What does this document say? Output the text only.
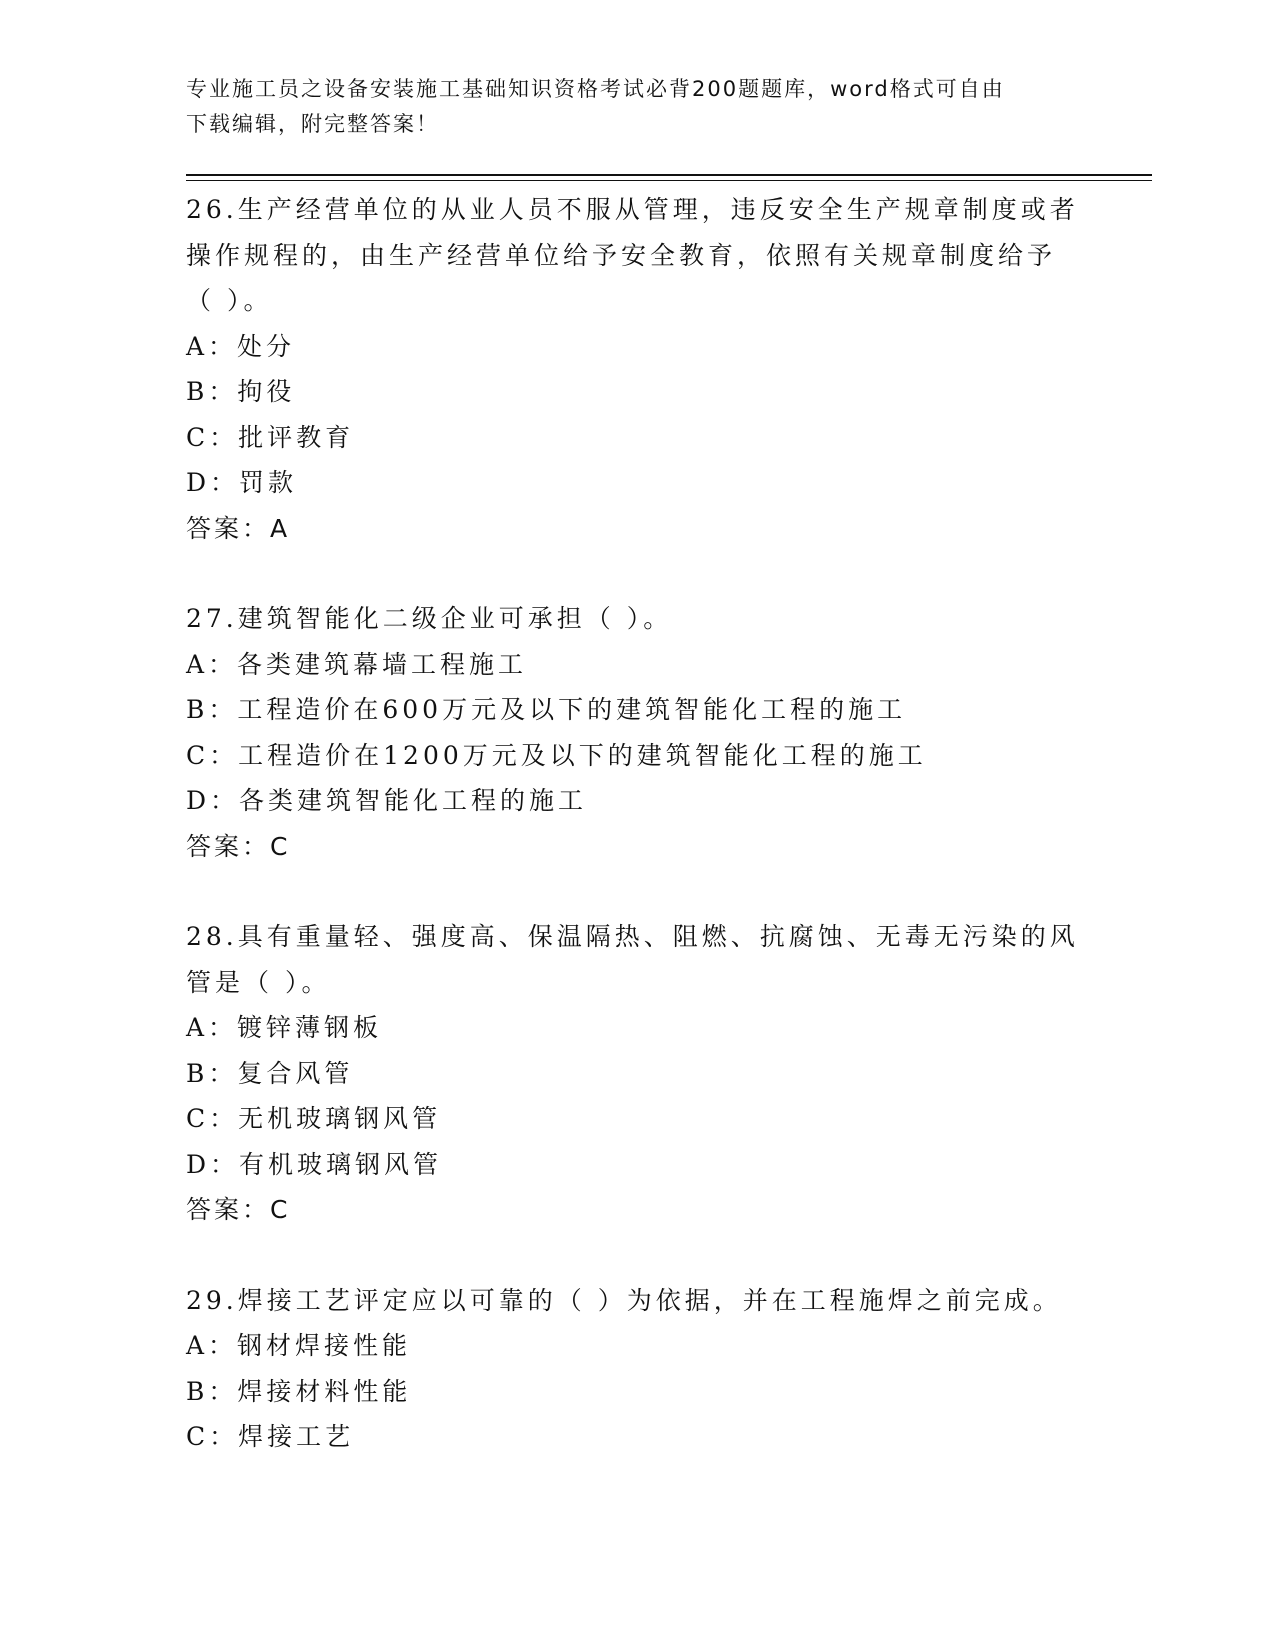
专业施工员之设备安装施工基础知识资格考试必背200题题库，word格式可自由
下载编辑，附完整答案！
26.生产经营单位的从业人员不服从管理，违反安全生产规章制度或者
操作规程的，由生产经营单位给予安全教育，依照有关规章制度给予
（ ）。
A：处分
B：拘役
C：批评教育
D：罚款
答案：A
27.建筑智能化二级企业可承担（ ）。
A：各类建筑幕墙工程施工
B：工程造价在600万元及以下的建筑智能化工程的施工
C：工程造价在1200万元及以下的建筑智能化工程的施工
D：各类建筑智能化工程的施工
答案：C
28.具有重量轻、强度高、保温隔热、阻燃、抗腐蚀、无毒无污染的风
管是（ ）。
A：镀锌薄钢板
B：复合风管
C：无机玻璃钢风管
D：有机玻璃钢风管
答案：C
29.焊接工艺评定应以可靠的（ ）为依据，并在工程施焊之前完成。
A：钢材焊接性能
B：焊接材料性能
C：焊接工艺
